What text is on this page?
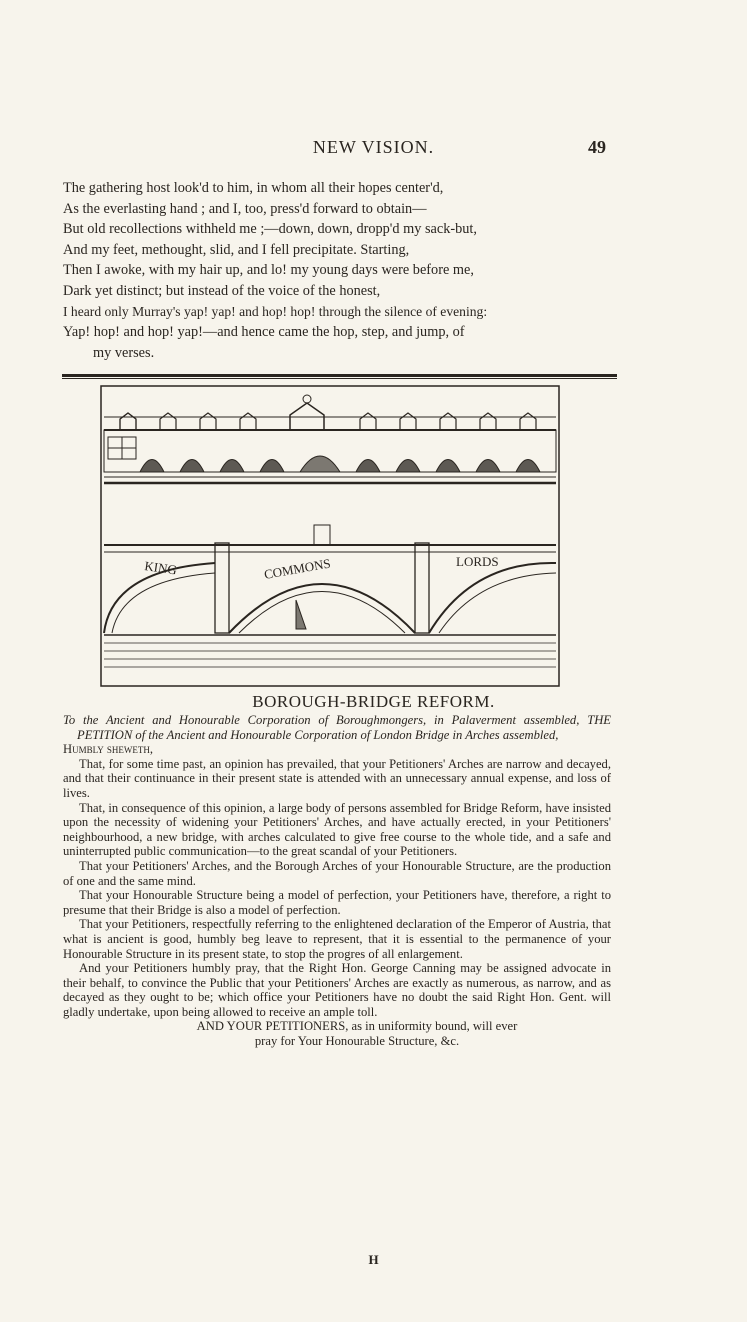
NEW VISION.	49
The gathering host look'd to him, in whom all their hopes center'd,
As the everlasting hand ; and I, too, press'd forward to obtain—
But old recollections withheld me ;—down, down, dropp'd my sack-but,
And my feet, methought, slid, and I fell precipitate. Starting,
Then I awoke, with my hair up, and lo! my young days were before me,
Dark yet distinct; but instead of the voice of the honest,
I heard only Murray's yap! yap! and hop! hop! through the silence of evening:
Yap! hop! and hop! yap!—and hence came the hop, step, and jump, of
my verses.
KING	COMMONS	LORDS
BOROUGH-BRIDGE REFORM.

To the Ancient and Honourable Corporation of Boroughmongers, in Palaverment assembled, THE PETITION of the Ancient and Honourable Corporation of London Bridge in Arches assembled,

Humbly sheweth,

That, for some time past, an opinion has prevailed, that your Petitioners' Arches are narrow and decayed, and that their continuance in their present state is attended with an unnecessary annual expense, and loss of lives.

That, in consequence of this opinion, a large body of persons assembled for Bridge Reform, have insisted upon the necessity of widening your Petitioners' Arches, and have actually erected, in your Petitioners' neighbourhood, a new bridge, with arches calculated to give free course to the whole tide, and a safe and uninterrupted public communication—to the great scandal of your Petitioners.

That your Petitioners' Arches, and the Borough Arches of your Honourable Structure, are the production of one and the same mind.

That your Honourable Structure being a model of perfection, your Petitioners have, therefore, a right to presume that their Bridge is also a model of perfection.

That your Petitioners, respectfully referring to the enlightened declaration of the Emperor of Austria, that what is ancient is good, humbly beg leave to represent, that it is essential to the permanence of your Honourable Structure in its present state, to stop the progres of all enlargement.

And your Petitioners humbly pray, that the Right Hon. George Canning may be assigned advocate in their behalf, to convince the Public that your Petitioners' Arches are exactly as numerous, as narrow, and as decayed as they ought to be; which office your Petitioners have no doubt the said Right Hon. Gent. will gladly undertake, upon being allowed to receive an ample toll.

AND YOUR PETITIONERS, as in uniformity bound, will ever

pray for Your Honourable Structure, &c.

H
